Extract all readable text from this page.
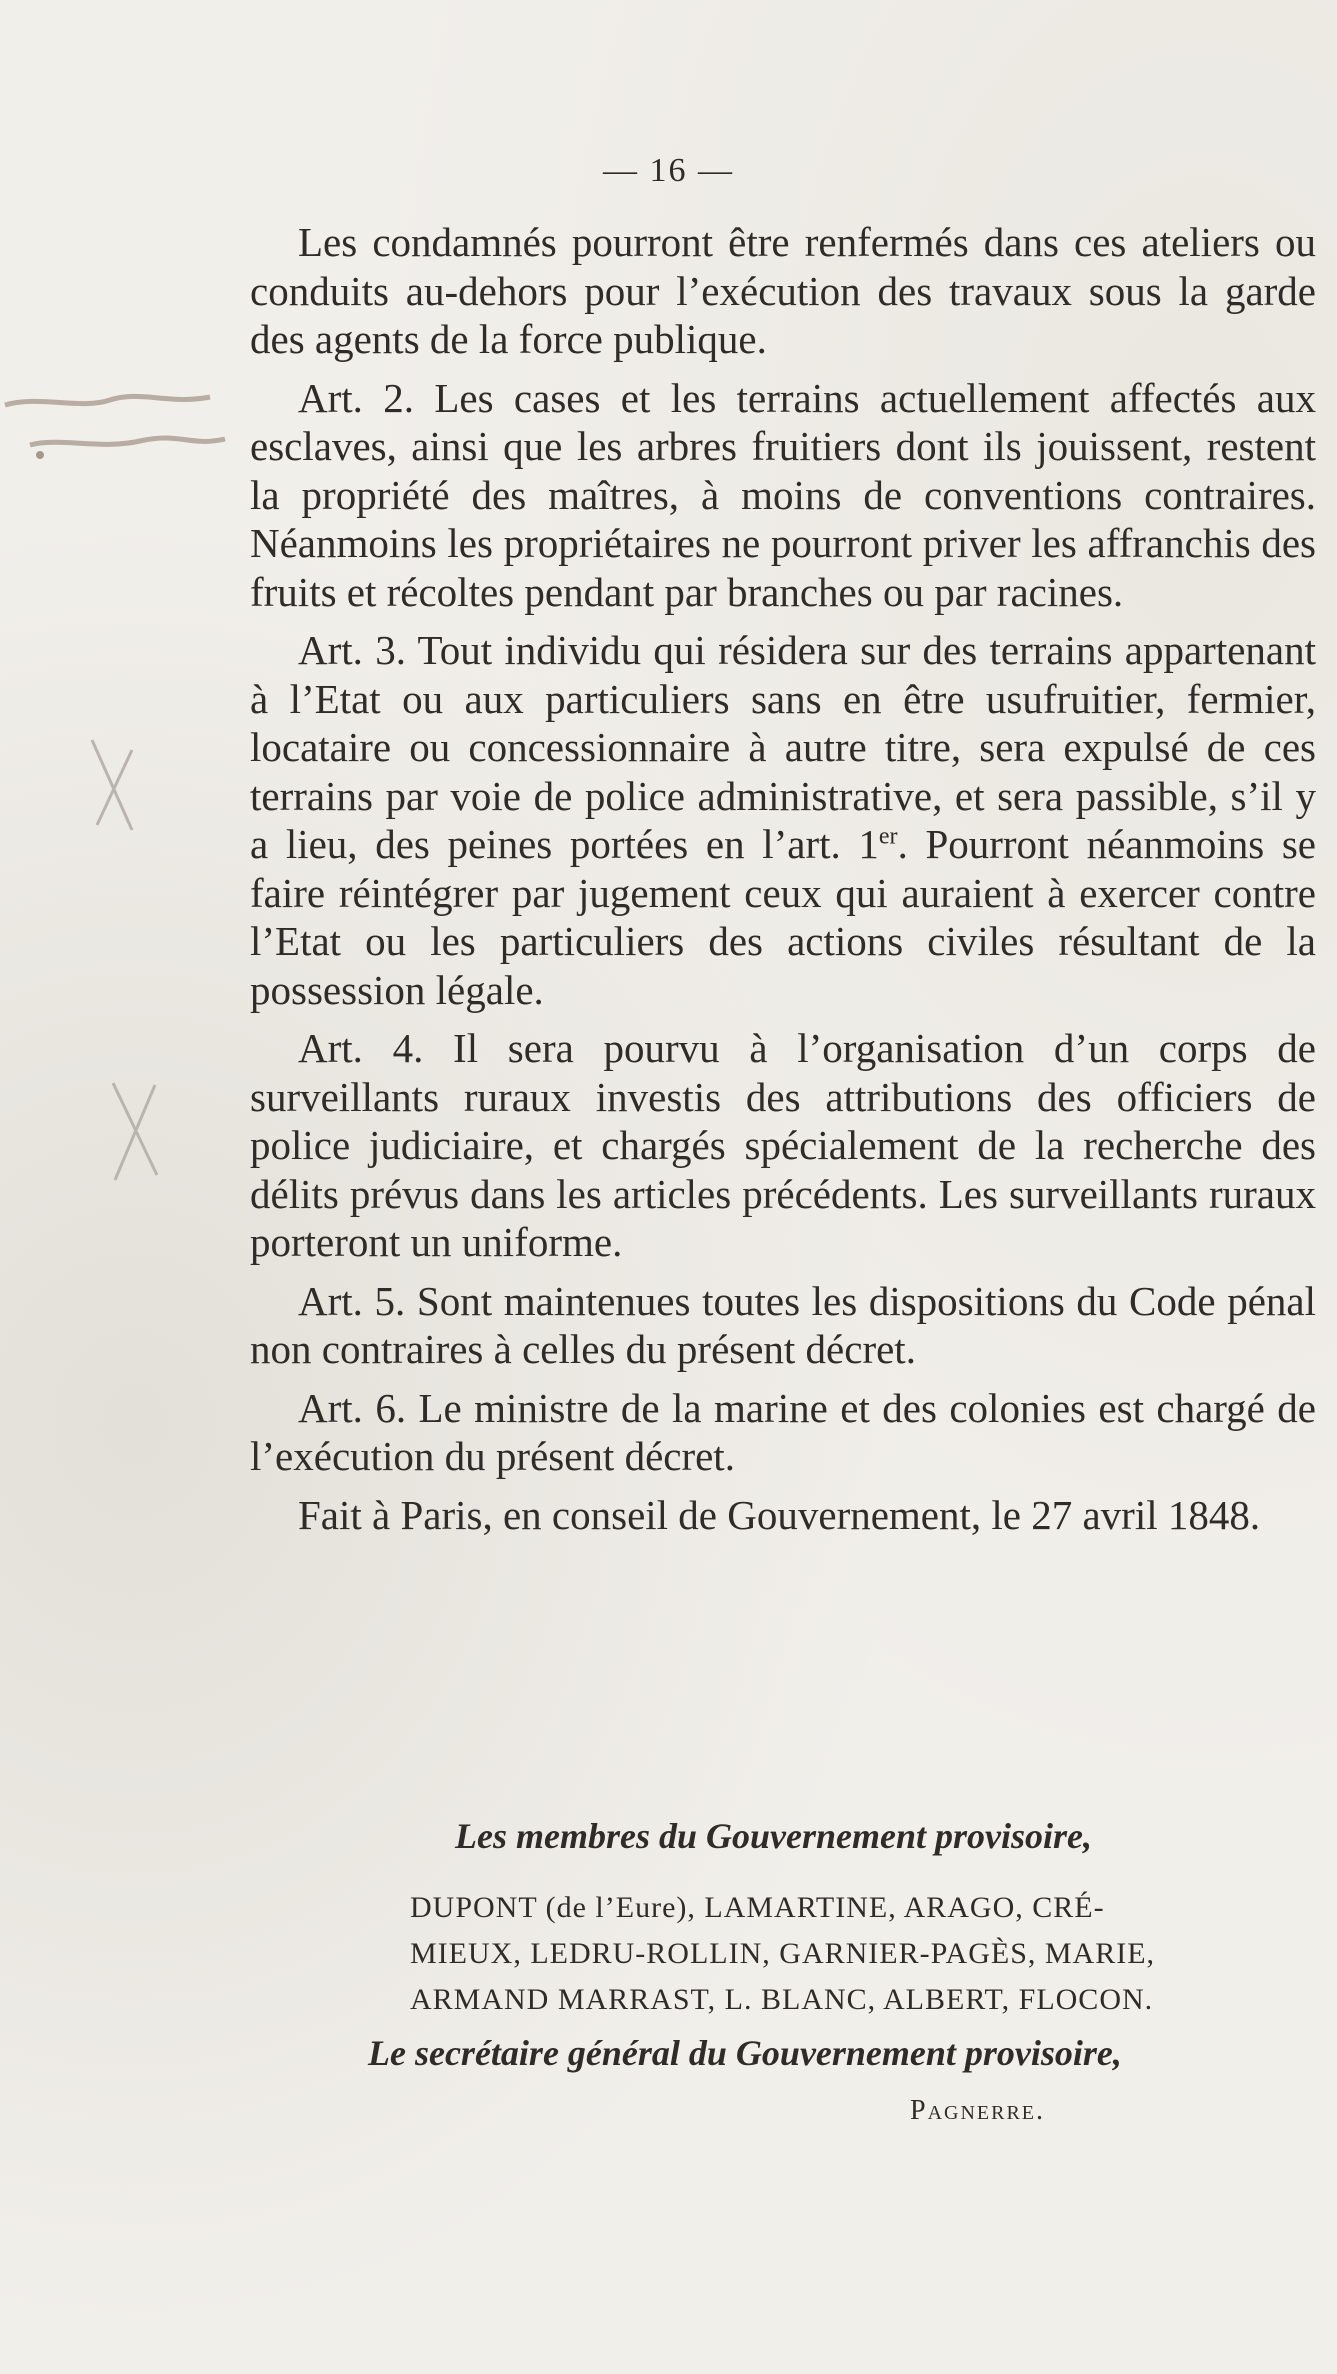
— 16 —

Les condamnés pourront être renfermés dans ces ateliers ou conduits au-dehors pour l’exécution des travaux sous la garde des agents de la force publique.

Art. 2. Les cases et les terrains actuellement affectés aux esclaves, ainsi que les arbres fruitiers dont ils jouissent, restent la propriété des maîtres, à moins de conventions contraires. Néanmoins les propriétaires ne pourront priver les affranchis des fruits et récoltes pendant par branches ou par racines.

Art. 3. Tout individu qui résidera sur des terrains appartenant à l’Etat ou aux particuliers sans en être usufruitier, fermier, locataire ou concessionnaire à autre titre, sera expulsé de ces terrains par voie de police administrative, et sera passible, s’il y a lieu, des peines portées en l’art. 1er. Pourront néanmoins se faire réintégrer par jugement ceux qui auraient à exercer contre l’Etat ou les particuliers des actions civiles résultant de la possession légale.

Art. 4. Il sera pourvu à l’organisation d’un corps de surveillants ruraux investis des attributions des officiers de police judiciaire, et chargés spécialement de la recherche des délits prévus dans les articles précédents. Les surveillants ruraux porteront un uniforme.

Art. 5. Sont maintenues toutes les dispositions du Code pénal non contraires à celles du présent décret.

Art. 6. Le ministre de la marine et des colonies est chargé de l’exécution du présent décret.

Fait à Paris, en conseil de Gouvernement, le 27 avril 1848.

Les membres du Gouvernement provisoire,
DUPONT (de l’Eure), LAMARTINE, ARAGO, CRÉ-
MIEUX, LEDRU-ROLLIN, GARNIER-PAGÈS, MARIE,
ARMAND MARRAST, L. BLANC, ALBERT, FLOCON.
Le secrétaire général du Gouvernement provisoire,
Pagnerre.
